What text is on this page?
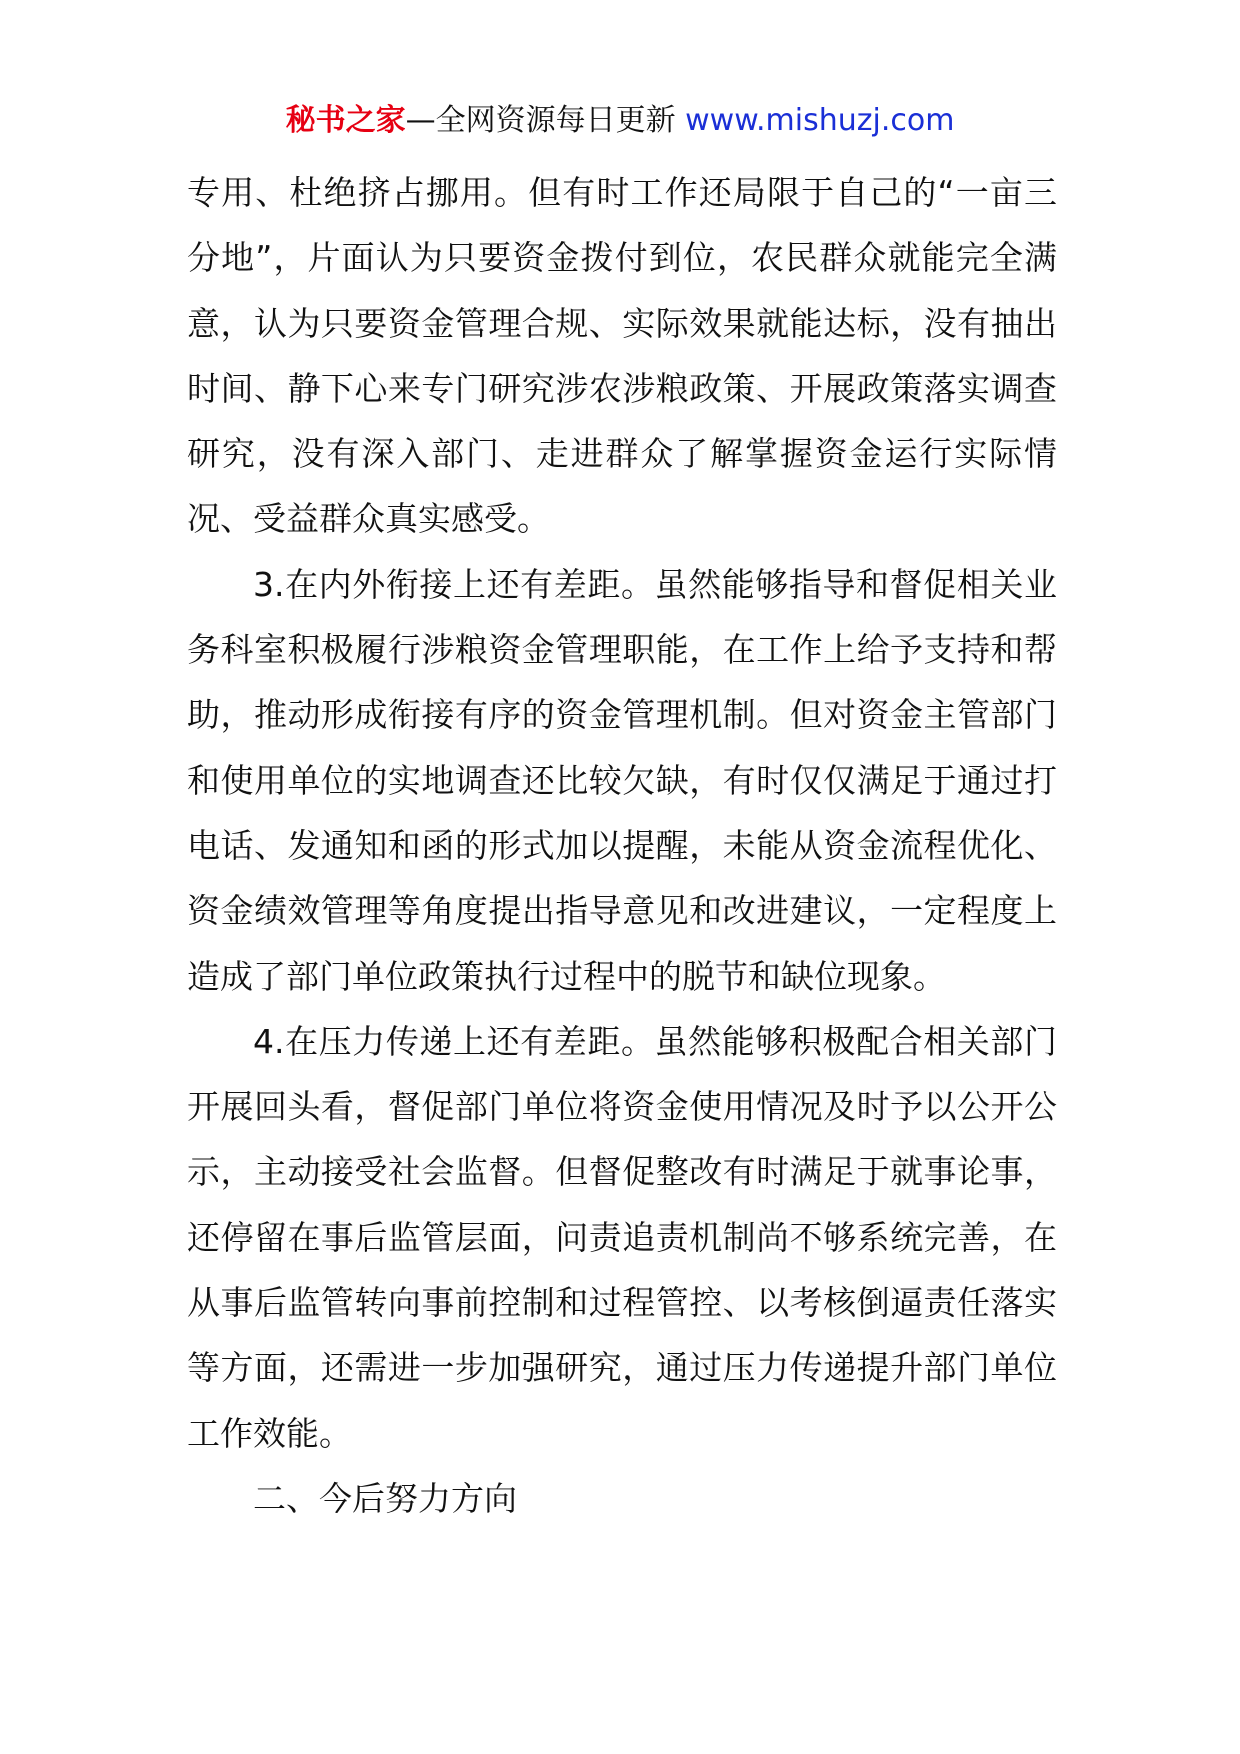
秘书之家—全网资源每日更新 www.mishuzj.com

专用、杜绝挤占挪用。但有时工作还局限于自己的“一亩三分地”，片面认为只要资金拨付到位，农民群众就能完全满意，认为只要资金管理合规、实际效果就能达标，没有抽出时间、静下心来专门研究涉农涉粮政策、开展政策落实调查研究，没有深入部门、走进群众了解掌握资金运行实际情况、受益群众真实感受。

3.在内外衔接上还有差距。虽然能够指导和督促相关业务科室积极履行涉粮资金管理职能，在工作上给予支持和帮助，推动形成衔接有序的资金管理机制。但对资金主管部门和使用单位的实地调查还比较欠缺，有时仅仅满足于通过打电话、发通知和函的形式加以提醒，未能从资金流程优化、资金绩效管理等角度提出指导意见和改进建议，一定程度上造成了部门单位政策执行过程中的脱节和缺位现象。

4.在压力传递上还有差距。虽然能够积极配合相关部门开展回头看，督促部门单位将资金使用情况及时予以公开公示，主动接受社会监督。但督促整改有时满足于就事论事，还停留在事后监管层面，问责追责机制尚不够系统完善，在从事后监管转向事前控制和过程管控、以考核倒逼责任落实等方面，还需进一步加强研究，通过压力传递提升部门单位工作效能。

二、今后努力方向
